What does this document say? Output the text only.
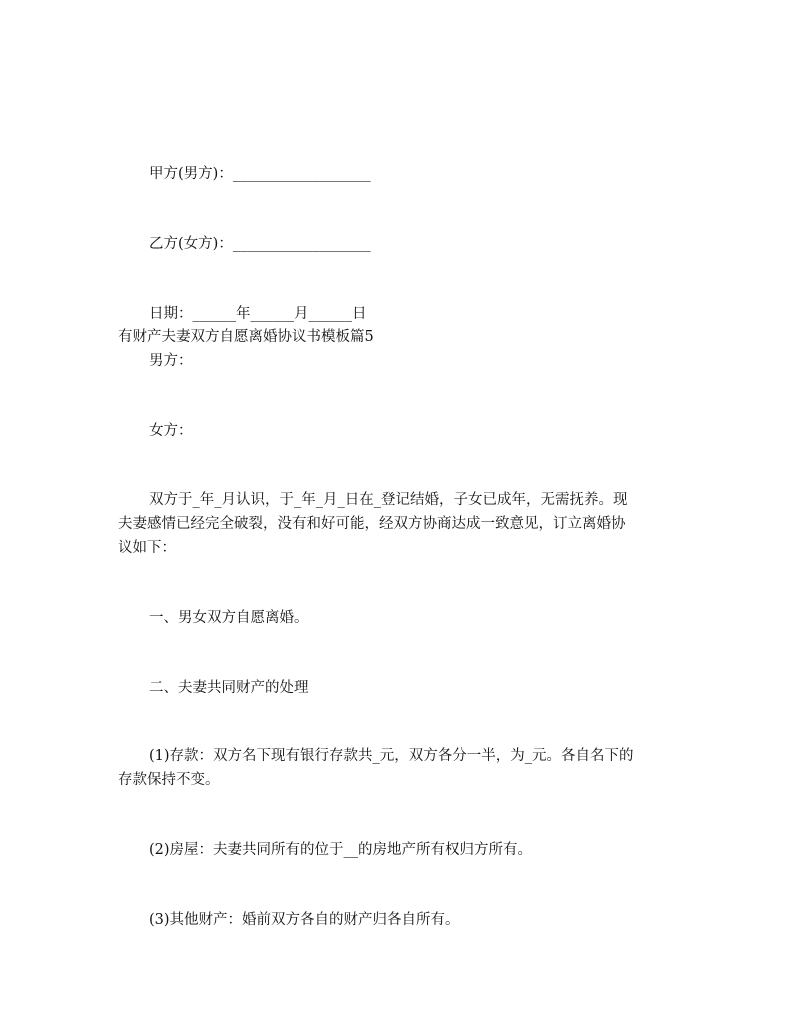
甲方(男方)：___________________
乙方(女方)：___________________
日期：______年______月______日
有财产夫妻双方自愿离婚协议书模板篇5
男方：
女方：
双方于_年_月认识，于_年_月_日在_登记结婚，子女已成年，无需抚养。现
夫妻感情已经完全破裂，没有和好可能，经双方协商达成一致意见，订立离婚协
议如下：
一、男女双方自愿离婚。
二、夫妻共同财产的处理
(1)存款：双方名下现有银行存款共_元，双方各分一半，为_元。各自名下的
存款保持不变。
(2)房屋：夫妻共同所有的位于__的房地产所有权归方所有。
(3)其他财产：婚前双方各自的财产归各自所有。
